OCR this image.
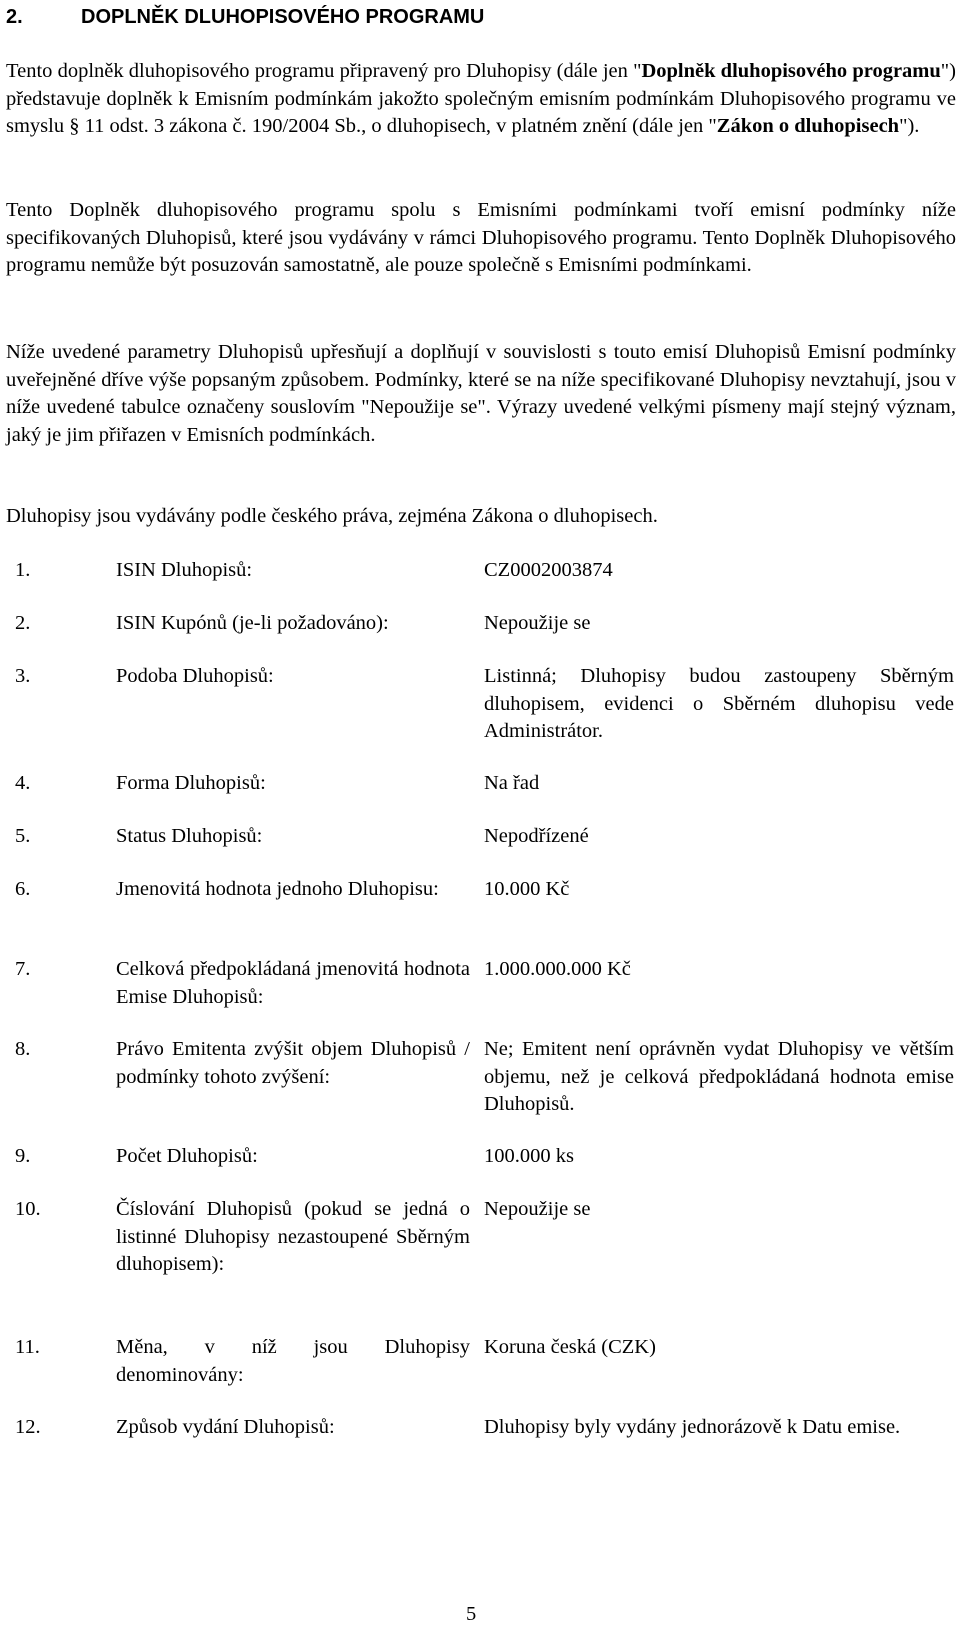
2.	DOPLNĚK DLUHOPISOVÉHO PROGRAMU

Tento doplněk dluhopisového programu připravený pro Dluhopisy (dále jen "Doplněk dluhopisového programu") představuje doplněk k Emisním podmínkám jakožto společným emisním podmínkám Dluhopisového programu ve smyslu § 11 odst. 3 zákona č. 190/2004 Sb., o dluhopisech, v platném znění (dále jen "Zákon o dluhopisech").

Tento Doplněk dluhopisového programu spolu s Emisními podmínkami tvoří emisní podmínky níže specifikovaných Dluhopisů, které jsou vydávány v rámci Dluhopisového programu. Tento Doplněk Dluhopisového programu nemůže být posuzován samostatně, ale pouze společně s Emisními podmínkami.

Níže uvedené parametry Dluhopisů upřesňují a doplňují v souvislosti s touto emisí Dluhopisů Emisní podmínky uveřejněné dříve výše popsaným způsobem. Podmínky, které se na níže specifikované Dluhopisy nevztahují, jsou v níže uvedené tabulce označeny souslovím "Nepoužije se". Výrazy uvedené velkými písmeny mají stejný význam, jaký je jim přiřazen v Emisních podmínkách.

Dluhopisy jsou vydávány podle českého práva, zejména Zákona o dluhopisech.

1.	ISIN Dluhopisů:	CZ0002003874
2.	ISIN Kupónů (je-li požadováno):	Nepoužije se
3.	Podoba Dluhopisů:	Listinná; Dluhopisy budou zastoupeny Sběrným dluhopisem, evidenci o Sběrném dluhopisu vede Administrátor.
4.	Forma Dluhopisů:	Na řad
5.	Status Dluhopisů:	Nepodřízené
6.	Jmenovitá hodnota jednoho Dluhopisu:	10.000 Kč
7.	Celková předpokládaná jmenovitá hodnota Emise Dluhopisů:
1.000.000.000 Kč
8.	Právo Emitenta zvýšit objem Dluhopisů / podmínky tohoto zvýšení:
Ne; Emitent není oprávněn vydat Dluhopisy ve větším objemu, než je celková předpokládaná hodnota emise Dluhopisů.
9.	Počet Dluhopisů:	100.000 ks
10.	Číslování Dluhopisů (pokud se jedná o listinné Dluhopisy nezastoupené Sběrným dluhopisem):
Nepoužije se
11.	Měna, v níž jsou Dluhopisy denominovány:
Koruna česká (CZK)
12.	Způsob vydání Dluhopisů:	Dluhopisy byly vydány jednorázově k Datu emise.
5
